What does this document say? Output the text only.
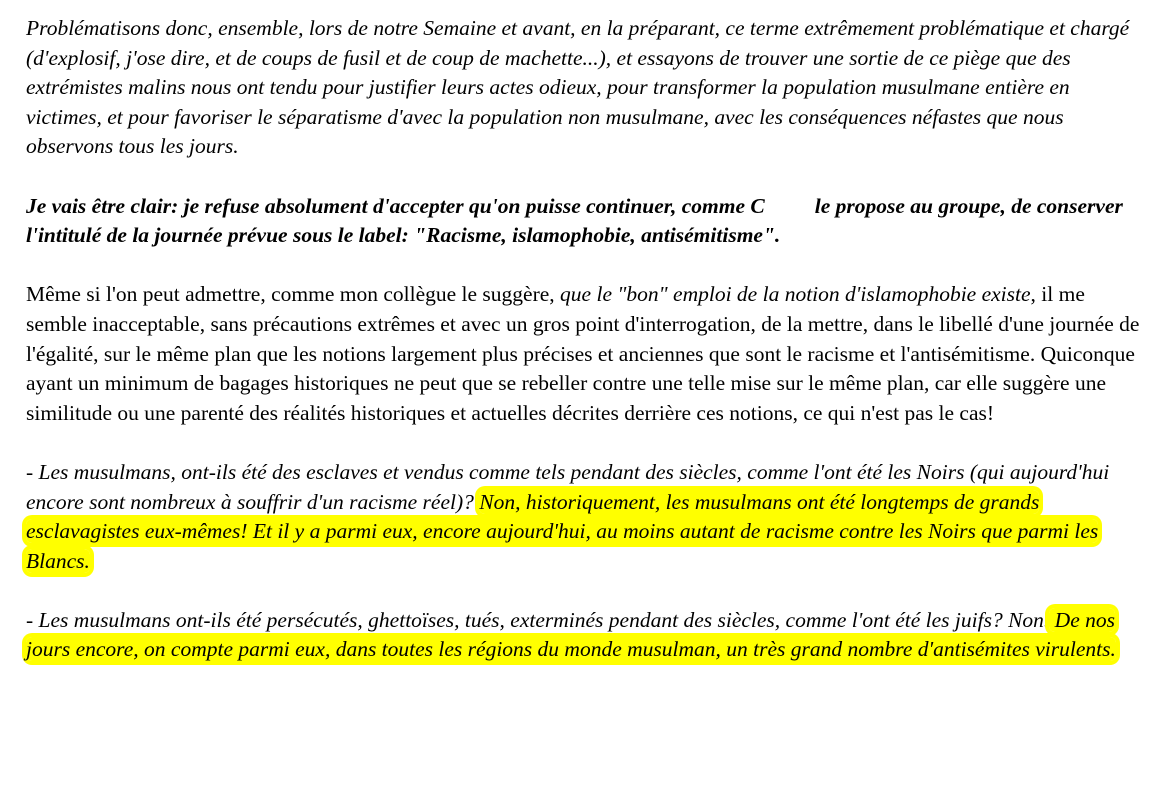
Problématisons donc, ensemble, lors de notre Semaine et avant, en la préparant, ce terme extrêmement problématique et chargé (d'explosif, j'ose dire, et de coups de fusil et de coup de machette...), et essayons de trouver une sortie de ce piège que des extrémistes malins nous ont tendu pour justifier leurs actes odieux, pour transformer la population musulmane entière en victimes, et pour favoriser le séparatisme d'avec la population non musulmane, avec les conséquences néfastes que nous observons tous les jours.

Je vais être clair: je refuse absolument d'accepter qu'on puisse continuer, comme C le propose au groupe, de conserver l'intitulé de la journée prévue sous le label: "Racisme, islamophobie, antisémitisme".

Même si l'on peut admettre, comme mon collègue le suggère, que le "bon" emploi de la notion d'islamophobie existe, il me semble inacceptable, sans précautions extrêmes et avec un gros point d'interrogation, de la mettre, dans le libellé d'une journée de l'égalité, sur le même plan que les notions largement plus précises et anciennes que sont le racisme et l'antisémitisme. Quiconque ayant un minimum de bagages historiques ne peut que se rebeller contre une telle mise sur le même plan, car elle suggère une similitude ou une parenté des réalités historiques et actuelles décrites derrière ces notions, ce qui n'est pas le cas!

- Les musulmans, ont-ils été des esclaves et vendus comme tels pendant des siècles, comme l'ont été les Noirs (qui aujourd'hui encore sont nombreux à souffrir d'un racisme réel)? Non, historiquement, les musulmans ont été longtemps de grands esclavagistes eux-mêmes! Et il y a parmi eux, encore aujourd'hui, au moins autant de racisme contre les Noirs que parmi les Blancs.

- Les musulmans ont-ils été persécutés, ghettoïses, tués, exterminés pendant des siècles, comme l'ont été les juifs? Non. De nos jours encore, on compte parmi eux, dans toutes les régions du monde musulman, un très grand nombre d'antisémites virulents.
